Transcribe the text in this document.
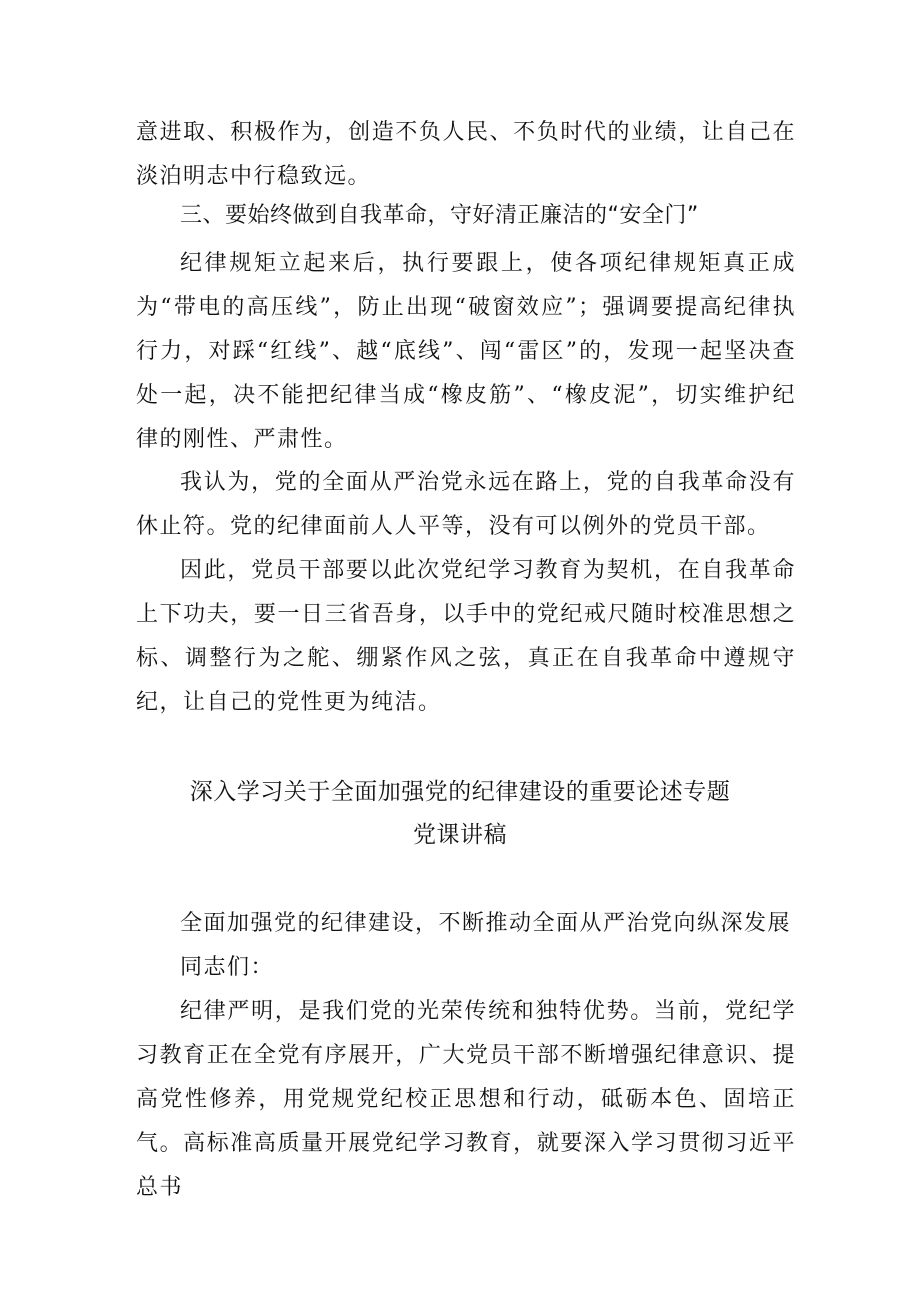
意进取、积极作为，创造不负人民、不负时代的业绩，让自己在淡泊明志中行稳致远。

三、要始终做到自我革命，守好清正廉洁的“安全门”

纪律规矩立起来后，执行要跟上，使各项纪律规矩真正成为“带电的高压线”，防止出现“破窗效应”；强调要提高纪律执行力，对踩“红线”、越“底线”、闯“雷区”的，发现一起坚决查处一起，决不能把纪律当成“橡皮筋”、“橡皮泥”，切实维护纪律的刚性、严肃性。

我认为，党的全面从严治党永远在路上，党的自我革命没有休止符。党的纪律面前人人平等，没有可以例外的党员干部。

因此，党员干部要以此次党纪学习教育为契机，在自我革命上下功夫，要一日三省吾身，以手中的党纪戒尺随时校准思想之标、调整行为之舵、绷紧作风之弦，真正在自我革命中遵规守纪，让自己的党性更为纯洁。

深入学习关于全面加强党的纪律建设的重要论述专题

党课讲稿

全面加强党的纪律建设，不断推动全面从严治党向纵深发展

同志们：

纪律严明，是我们党的光荣传统和独特优势。当前，党纪学习教育正在全党有序展开，广大党员干部不断增强纪律意识、提高党性修养，用党规党纪校正思想和行动，砥砺本色、固培正气。高标准高质量开展党纪学习教育，就要深入学习贯彻习近平总书
